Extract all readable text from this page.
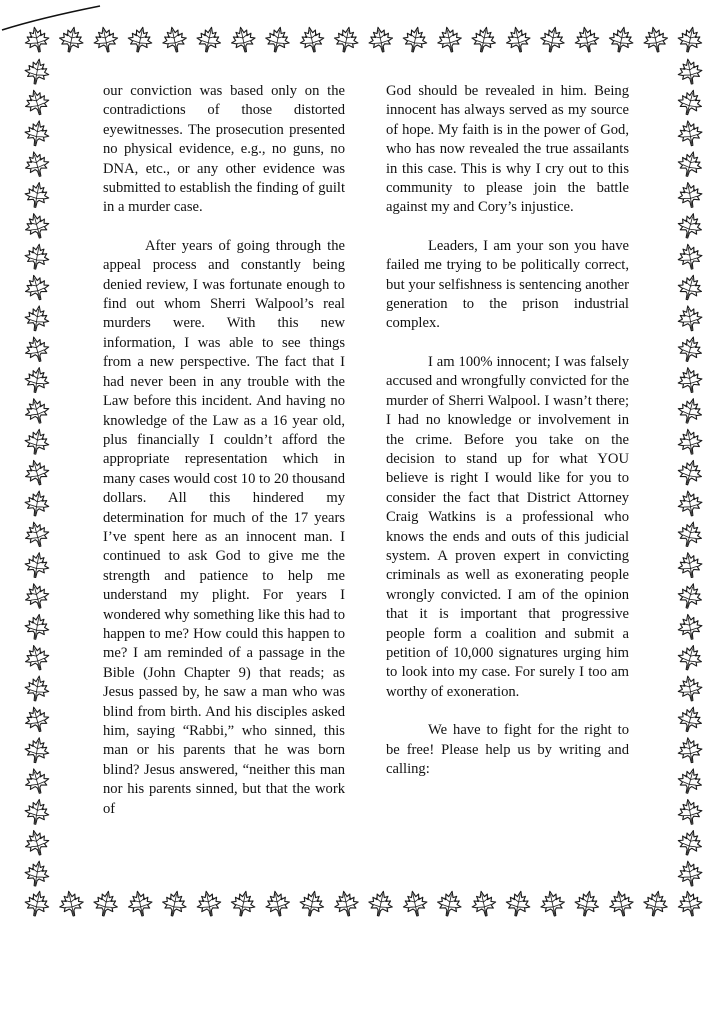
our conviction was based only on the contradictions of those distorted eyewitnesses. The prosecution presented no physical evidence, e.g., no guns, no DNA, etc., or any other evidence was submitted to establish the finding of guilt in a murder case.

After years of going through the appeal process and constantly being denied review, I was fortunate enough to find out whom Sherri Walpool’s real murders were. With this new information, I was able to see things from a new perspective. The fact that I had never been in any trouble with the Law before this incident. And having no knowledge of the Law as a 16 year old, plus financially I couldn’t afford the appropriate representation which in many cases would cost 10 to 20 thousand dollars. All this hindered my determination for much of the 17 years I’ve spent here as an innocent man. I continued to ask God to give me the strength and patience to help me understand my plight. For years I wondered why something like this had to happen to me? How could this happen to me? I am reminded of a passage in the Bible (John Chapter 9) that reads; as Jesus passed by, he saw a man who was blind from birth. And his disciples asked him, saying “Rabbi,” who sinned, this man or his parents that he was born blind? Jesus answered, “neither this man nor his parents sinned, but that the work of

God should be revealed in him. Being innocent has always served as my source of hope. My faith is in the power of God, who has now revealed the true assailants in this case. This is why I cry out to this community to please join the battle against my and Cory’s injustice.

Leaders, I am your son you have failed me trying to be politically correct, but your selfishness is sentencing another generation to the prison industrial complex.

I am 100% innocent; I was falsely accused and wrongfully convicted for the murder of Sherri Walpool. I wasn’t there; I had no knowledge or involvement in the crime. Before you take on the decision to stand up for what YOU believe is right I would like for you to consider the fact that District Attorney Craig Watkins is a professional who knows the ends and outs of this judicial system. A proven expert in convicting criminals as well as exonerating people wrongly convicted. I am of the opinion that it is important that progressive people form a coalition and submit a petition of 10,000 signatures urging him to look into my case. For surely I too am worthy of exoneration.

We have to fight for the right to be free! Please help us by writing and calling:
